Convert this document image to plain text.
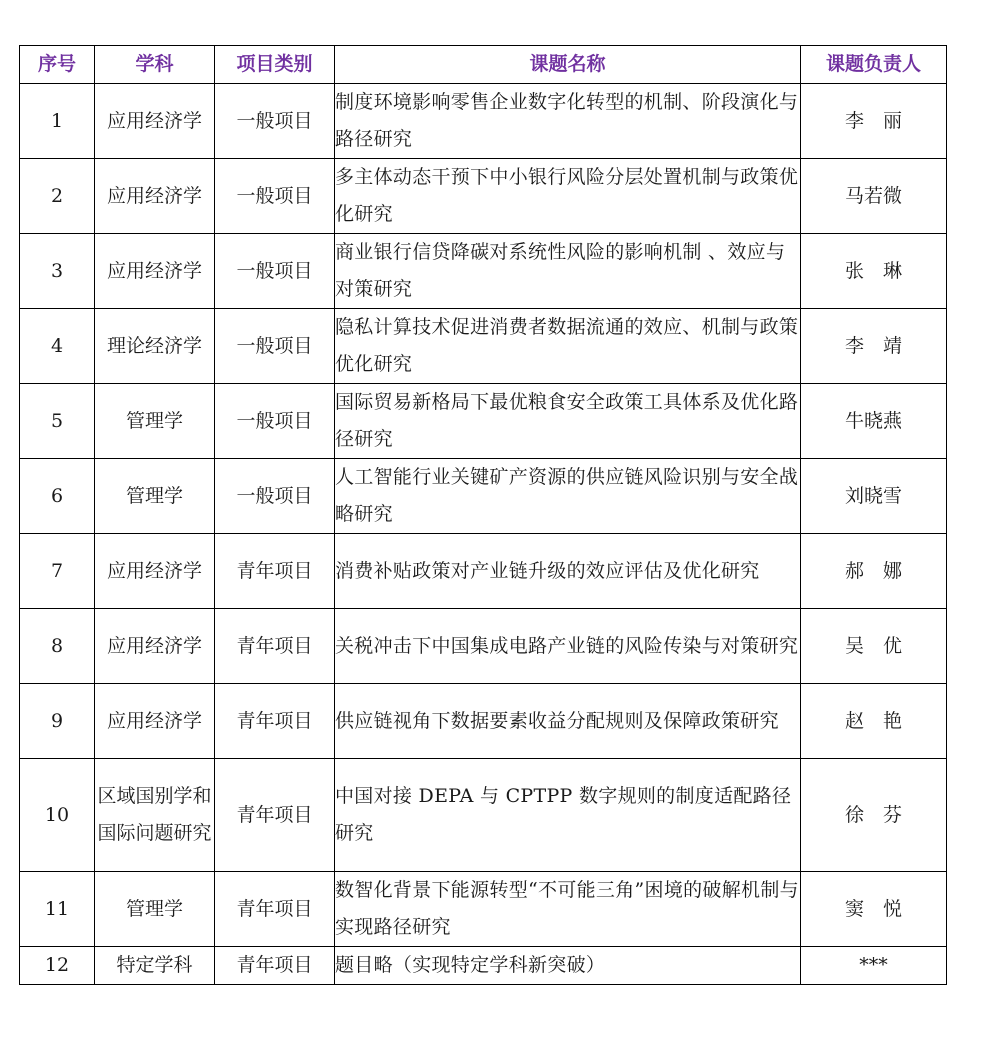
序号	学科	项目类别	课题名称	课题负责人
1	应用经济学	一般项目	制度环境影响零售企业数字化转型的机制、阶段演化与路径研究	李　丽
2	应用经济学	一般项目	多主体动态干预下中小银行风险分层处置机制与政策优化研究	马若微
3	应用经济学	一般项目	商业银行信贷降碳对系统性风险的影响机制 、效应与对策研究	张　琳
4	理论经济学	一般项目	隐私计算技术促进消费者数据流通的效应、机制与政策优化研究	李　靖
5	管理学	一般项目	国际贸易新格局下最优粮食安全政策工具体系及优化路径研究	牛晓燕
6	管理学	一般项目	人工智能行业关键矿产资源的供应链风险识别与安全战略研究	刘晓雪
7	应用经济学	青年项目	消费补贴政策对产业链升级的效应评估及优化研究	郝　娜
8	应用经济学	青年项目	关税冲击下中国集成电路产业链的风险传染与对策研究	吴　优
9	应用经济学	青年项目	供应链视角下数据要素收益分配规则及保障政策研究	赵　艳
10	区域国别学和国际问题研究	青年项目	中国对接 DEPA 与 CPTPP 数字规则的制度适配路径研究	徐　芬
11	管理学	青年项目	数智化背景下能源转型“不可能三角”困境的破解机制与实现路径研究	窦　悦
12	特定学科	青年项目	题目略（实现特定学科新突破）	***
